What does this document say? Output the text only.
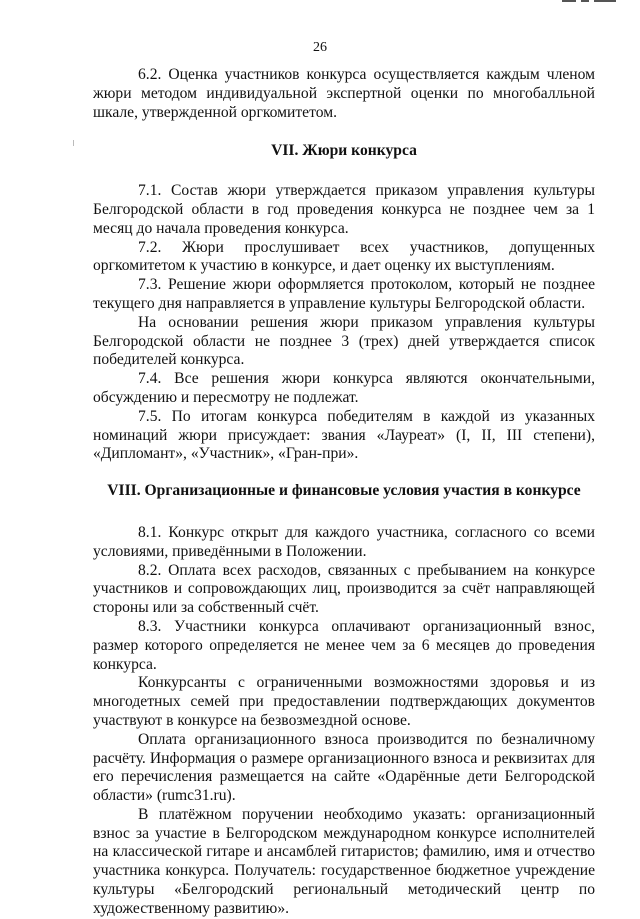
26

6.2. Оценка участников конкурса осуществляется каждым членом жюри методом индивидуальной экспертной оценки по многобалльной шкале, утвержденной оргкомитетом.

VII. Жюри конкурса

7.1. Состав жюри утверждается приказом управления культуры Белгородской области в год проведения конкурса не позднее чем за 1 месяц до начала проведения конкурса.

7.2. Жюри прослушивает всех участников, допущенных оргкомитетом к участию в конкурсе, и дает оценку их выступлениям.

7.3. Решение жюри оформляется протоколом, который не позднее текущего дня направляется в управление культуры Белгородской области.

На основании решения жюри приказом управления культуры Белгородской области не позднее 3 (трех) дней утверждается список победителей конкурса.

7.4. Все решения жюри конкурса являются окончательными, обсуждению и пересмотру не подлежат.

7.5. По итогам конкурса победителям в каждой из указанных номинаций жюри присуждает: звания «Лауреат» (I, II, III степени), «Дипломант», «Участник», «Гран-при».

VIII. Организационные и финансовые условия участия в конкурсе

8.1. Конкурс открыт для каждого участника, согласного со всеми условиями, приведёнными в Положении.

8.2. Оплата всех расходов, связанных с пребыванием на конкурсе участников и сопровождающих лиц, производится за счёт направляющей стороны или за собственный счёт.

8.3. Участники конкурса оплачивают организационный взнос, размер которого определяется не менее чем за 6 месяцев до проведения конкурса.

Конкурсанты с ограниченными возможностями здоровья и из многодетных семей при предоставлении подтверждающих документов участвуют в конкурсе на безвозмездной основе.

Оплата организационного взноса производится по безналичному расчёту. Информация о размере организационного взноса и реквизитах для его перечисления размещается на сайте «Одарённые дети Белгородской области» (rumc31.ru).

В платёжном поручении необходимо указать: организационный взнос за участие в Белгородском международном конкурсе исполнителей на классической гитаре и ансамблей гитаристов; фамилию, имя и отчество участника конкурса. Получатель: государственное бюджетное учреждение культуры «Белгородский региональный методический центр по художественному развитию».
